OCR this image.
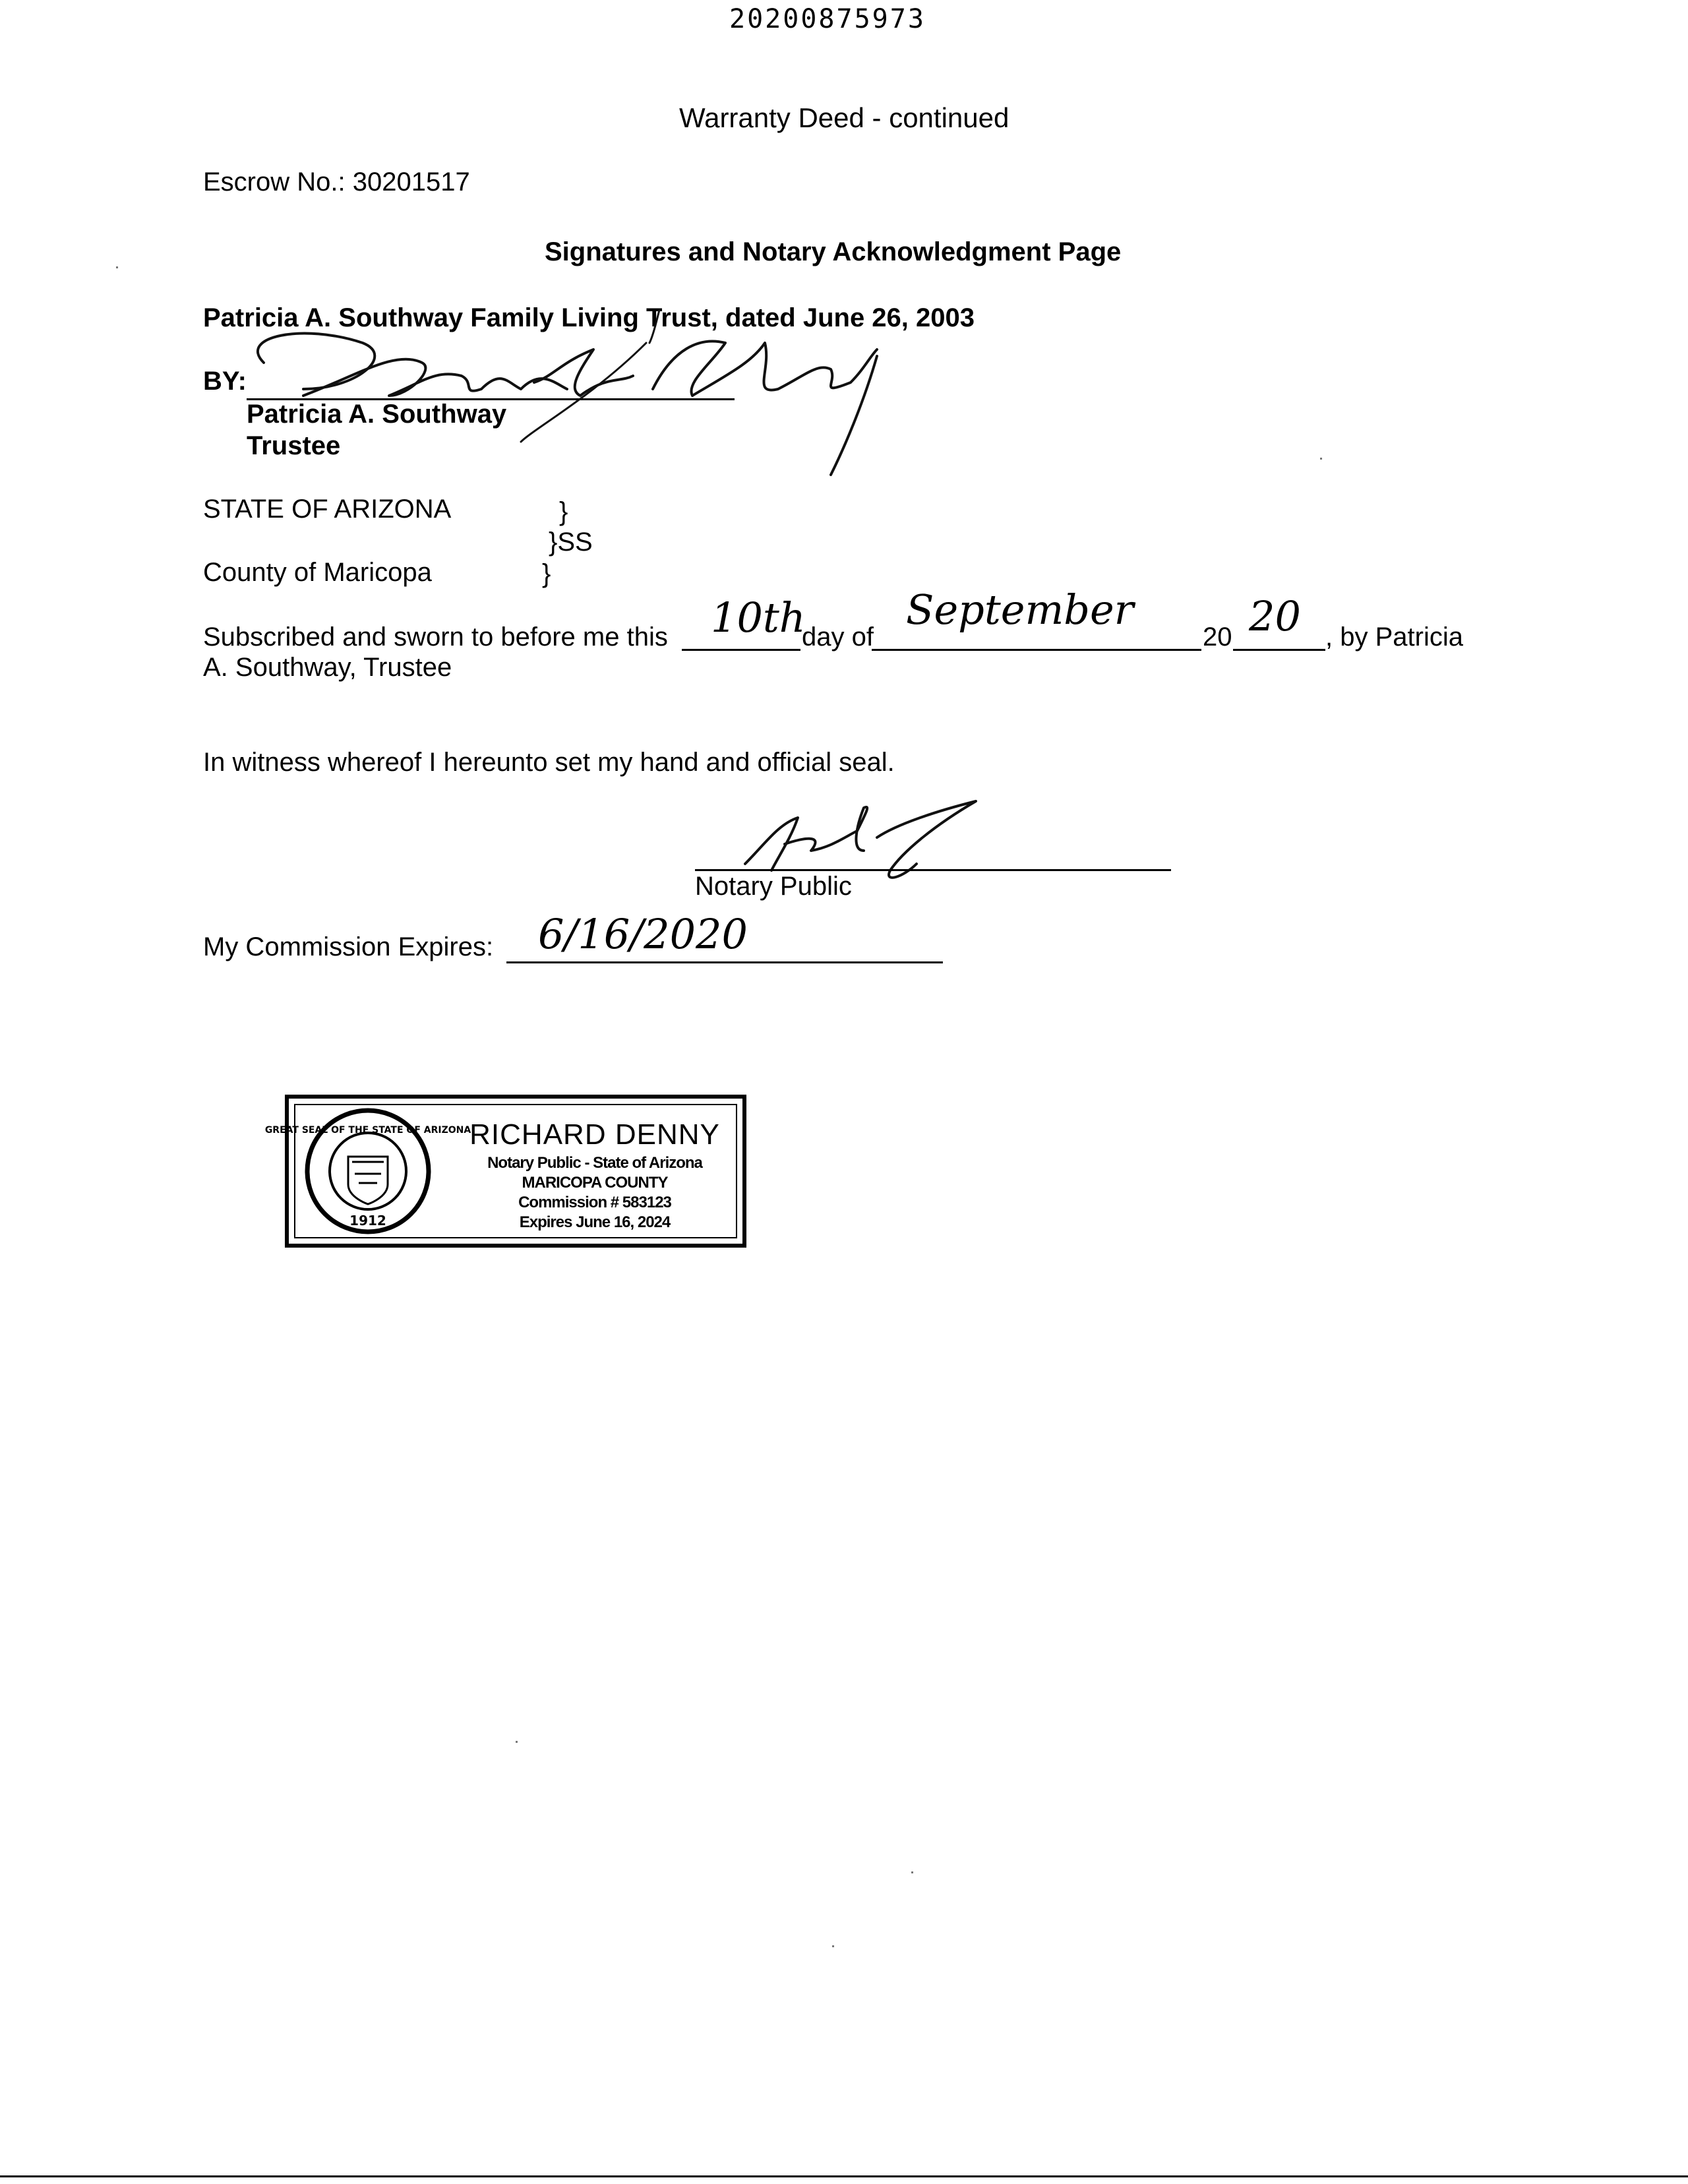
20200875973
Warranty Deed - continued
Escrow No.: 30201517
Signatures and Notary Acknowledgment Page
Patricia A. Southway Family Living Trust, dated June 26, 2003
BY:
Patricia A. Southway
Trustee
STATE OF ARIZONA	}
}SS
County of Maricopa	}
Subscribed and sworn to before me this 10th
day of
September
20 20 , by Patricia
A. Southway, Trustee
In witness whereof I hereunto set my hand and official seal.
Notary Public
My Commission Expires: 6/16/2020
GREAT SEAL OF THE STATE OF ARIZONA
1912
RICHARD DENNY
Notary Public - State of Arizona
MARICOPA COUNTY
Commission # 583123
Expires June 16, 2024
